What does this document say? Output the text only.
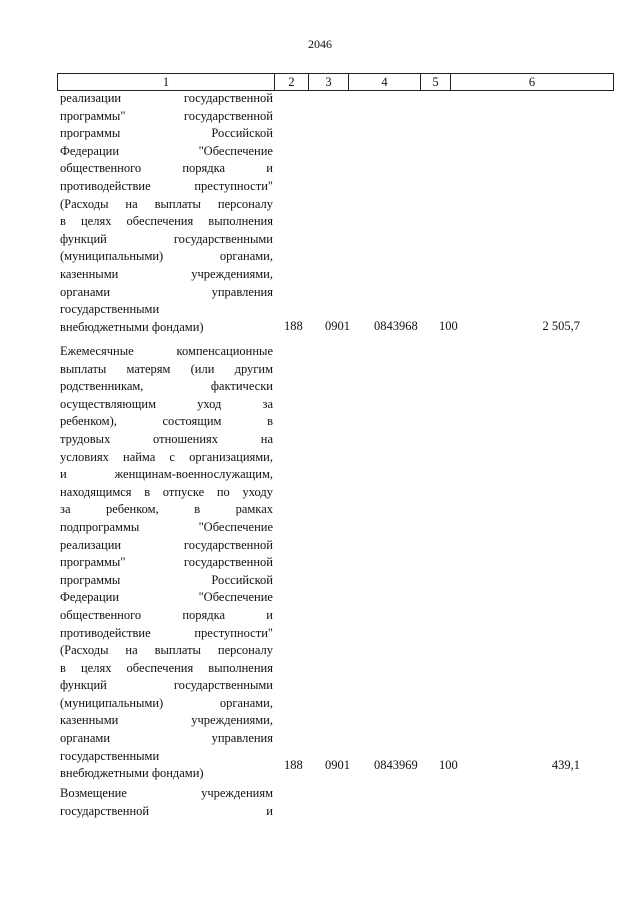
2046
1	2	3	4	5	6
реализации государственной
программы" государственной
программы Российской
Федерации "Обеспечение
общественного порядка и
противодействие преступности"
(Расходы на выплаты персоналу
в целях обеспечения выполнения
функций государственными
(муниципальными) органами,
казенными учреждениями,
органами управления
государственными
внебюджетными фондами)	188 0901 0843968 100	2 505,7
Ежемесячные компенсационные
выплаты матерям (или другим
родственникам, фактически
осуществляющим уход за
ребенком), состоящим в
трудовых отношениях на
условиях найма с организациями,
и женщинам-военнослужащим,
находящимся в отпуске по уходу
за ребенком, в рамках
подпрограммы "Обеспечение
реализации государственной
программы" государственной
программы Российской
Федерации "Обеспечение
общественного порядка и
противодействие преступности"
(Расходы на выплаты персоналу
в целях обеспечения выполнения
функций государственными
(муниципальными) органами,
казенными учреждениями,
органами управления
государственными
внебюджетными фондами)
188 0901 0843969 100	439,1
Возмещение учреждениям
государственной и
